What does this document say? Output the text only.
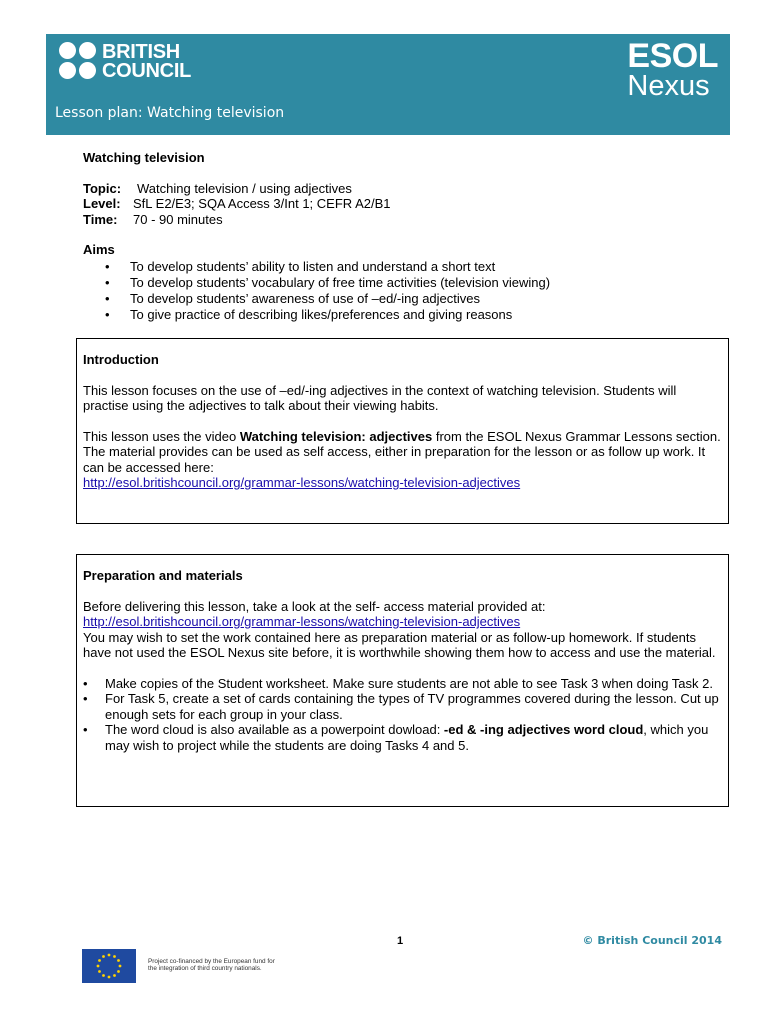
BRITISH
COUNCIL	ESOL
Nexus
Lesson plan: Watching television

Watching television

Topic: Watching television / using adjectives

Level: SfL E2/E3; SQA Access 3/Int 1; CEFR A2/B1

Time: 70 - 90 minutes

Aims

• To develop students’ ability to listen and understand a short text
• To develop students’ vocabulary of free time activities (television viewing)
• To develop students’ awareness of use of –ed/-ing adjectives
• To give practice of describing likes/preferences and giving reasons

Introduction

This lesson focuses on the use of –ed/-ing adjectives in the context of watching television. Students will practise using the adjectives to talk about their viewing habits.

This lesson uses the video Watching television: adjectives from the ESOL Nexus Grammar Lessons section. The material provides can be used as self access, either in preparation for the lesson or as follow up work. It can be accessed here:
http://esol.britishcouncil.org/grammar-lessons/watching-television-adjectives

Preparation and materials

Before delivering this lesson, take a look at the self- access material provided at:
http://esol.britishcouncil.org/grammar-lessons/watching-television-adjectives
You may wish to set the work contained here as preparation material or as follow-up homework. If students have not used the ESOL Nexus site before, it is worthwhile showing them how to access and use the material.

• Make copies of the Student worksheet. Make sure students are not able to see Task 3 when doing Task 2.
• For Task 5, create a set of cards containing the types of TV programmes covered during the lesson. Cut up enough sets for each group in your class.
• The word cloud is also available as a powerpoint dowload: -ed & -ing adjectives word cloud, which you may wish to project while the students are doing Tasks 4 and 5.
1	© British Council 2014
Project co-financed by the European fund for the integration of third country nationals.
